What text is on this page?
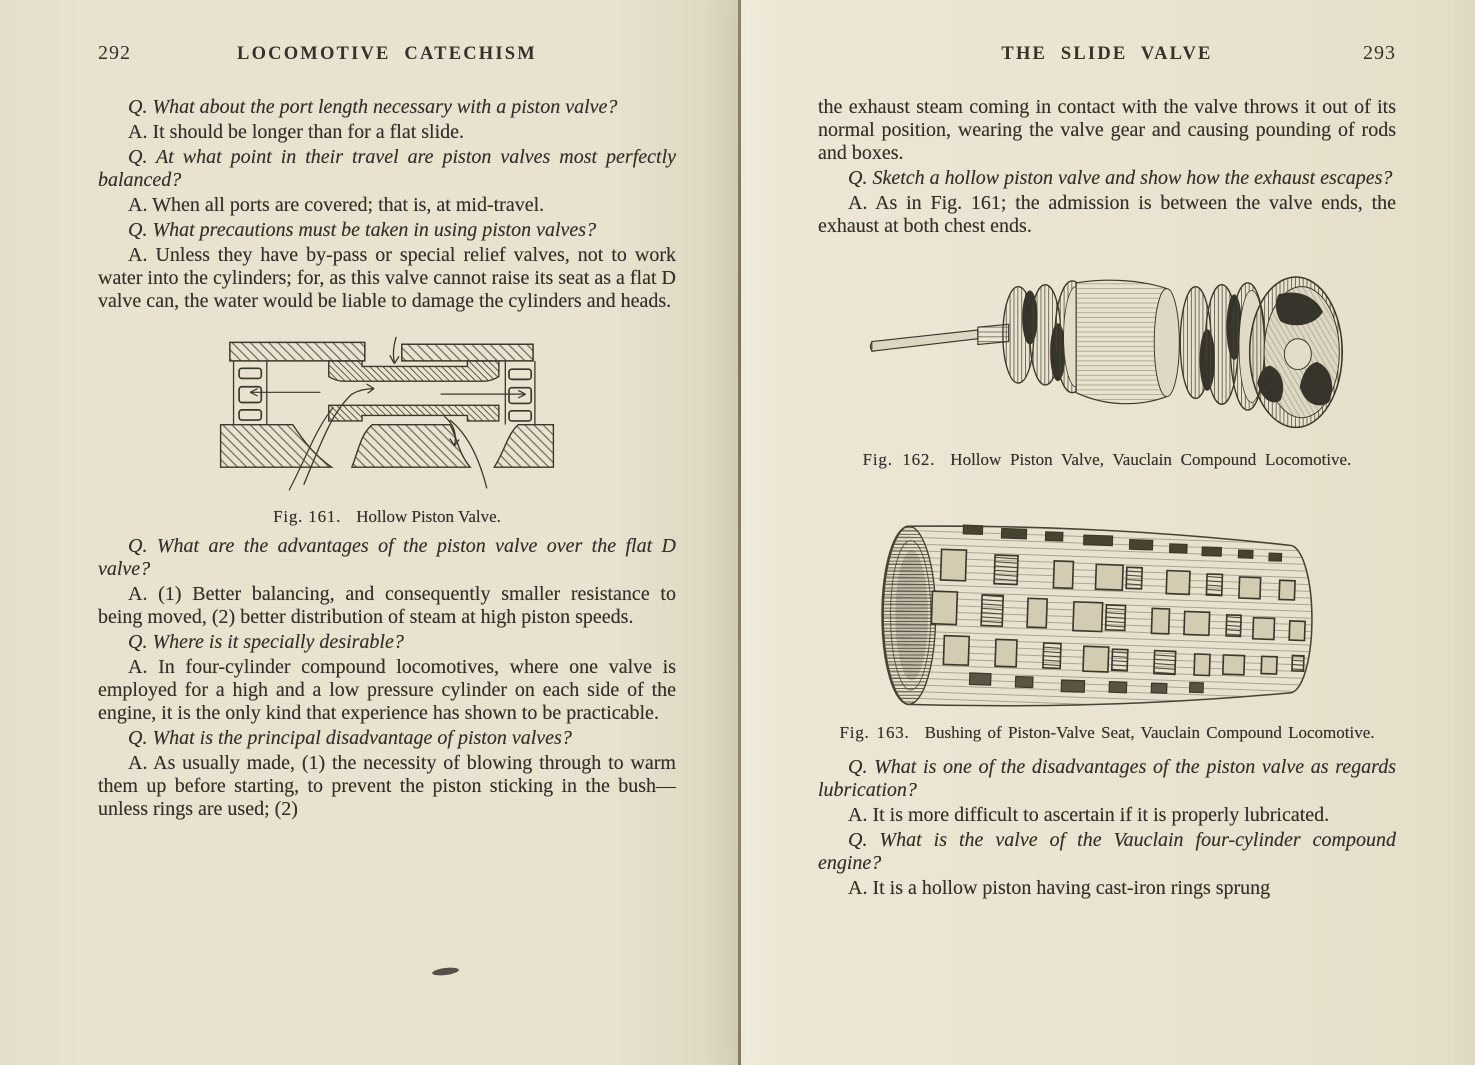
292	LOCOMOTIVE CATECHISM

Q. What about the port length necessary with a piston valve?

A. It should be longer than for a flat slide.

Q. At what point in their travel are piston valves most perfectly balanced?

A. When all ports are covered; that is, at mid-travel.

Q. What precautions must be taken in using piston valves?

A. Unless they have by-pass or special relief valves, not to work water into the cylinders; for, as this valve cannot raise its seat as a flat D valve can, the water would be liable to damage the cylinders and heads.

Fig. 161. Hollow Piston Valve.

Q. What are the advantages of the piston valve over the flat D valve?

A. (1) Better balancing, and consequently smaller resistance to being moved, (2) better distribution of steam at high piston speeds.

Q. Where is it specially desirable?

A. In four-cylinder compound locomotives, where one valve is employed for a high and a low pressure cylinder on each side of the engine, it is the only kind that experience has shown to be practicable.

Q. What is the principal disadvantage of piston valves?

A. As usually made, (1) the necessity of blowing through to warm them up before starting, to prevent the piston sticking in the bush—unless rings are used; (2)

THE SLIDE VALVE	293

the exhaust steam coming in contact with the valve throws it out of its normal position, wearing the valve gear and causing pounding of rods and boxes.

Q. Sketch a hollow piston valve and show how the exhaust escapes?

A. As in Fig. 161; the admission is between the valve ends, the exhaust at both chest ends.

Fig. 162. Hollow Piston Valve, Vauclain Compound Locomotive.
Fig. 163. Bushing of Piston-Valve Seat, Vauclain Compound Locomotive.

Q. What is one of the disadvantages of the piston valve as regards lubrication?

A. It is more difficult to ascertain if it is properly lubricated.

Q. What is the valve of the Vauclain four-cylinder compound engine?

A. It is a hollow piston having cast-iron rings sprung
